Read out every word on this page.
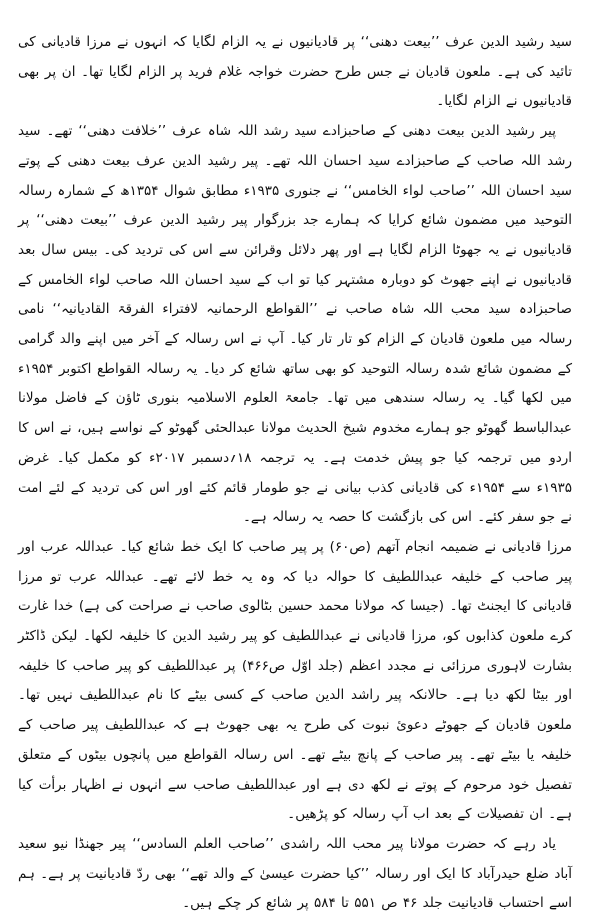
سید رشید الدین عرف ’’بیعت دھنی‘‘ پر قادیانیوں نے یہ الزام لگایا کہ انہوں نے مرزا قادیانی کی تائید کی ہے۔ ملعون قادیان نے جس طرح حضرت خواجہ غلام فرید پر الزام لگایا تھا۔ ان پر بھی قادیانیوں نے الزام لگایا۔

پیر رشید الدین بیعت دھنی کے صاحبزادے سید رشد اللہ شاہ عرف ’’خلافت دھنی‘‘ تھے۔ سید رشد اللہ صاحب کے صاحبزادے سید احسان اللہ تھے۔ پیر رشید الدین عرف بیعت دھنی کے پوتے سید احسان اللہ ’’صاحب لواء الخامس‘‘ نے جنوری ۱۹۳۵ء مطابق شوال ۱۳۵۴ھ کے شمارہ رسالہ التوحید میں مضمون شائع کرایا کہ ہمارے جد بزرگوار پیر رشید الدین عرف ’’بیعت دھنی‘‘ پر قادیانیوں نے یہ جھوٹا الزام لگایا ہے اور پھر دلائل وقرائن سے اس کی تردید کی۔ بیس سال بعد قادیانیوں نے اپنے جھوٹ کو دوبارہ مشتہر کیا تو اب کے سید احسان اللہ صاحب لواء الخامس کے صاحبزادہ سید محب اللہ شاہ صاحب نے ’’القواطع الرحمانیہ لافتراء الفرقۃ القادیانیہ‘‘ نامی رسالہ میں ملعون قادیان کے الزام کو تار تار کیا۔ آپ نے اس رسالہ کے آخر میں اپنے والد گرامی کے مضمون شائع شدہ رسالہ التوحید کو بھی ساتھ شائع کر دیا۔ یہ رسالہ القواطع اکتوبر ۱۹۵۴ء میں لکھا گیا۔ یہ رسالہ سندھی میں تھا۔ جامعۃ العلوم الاسلامیہ بنوری ٹاؤن کے فاضل مولانا عبدالباسط گھوٹو جو ہمارے مخدوم شیخ الحدیث مولانا عبدالحئی گھوٹو کے نواسے ہیں، نے اس کا اردو میں ترجمہ کیا جو پیش خدمت ہے۔ یہ ترجمہ ۱۸؍دسمبر ۲۰۱۷ء کو مکمل کیا۔ غرض ۱۹۳۵ء سے ۱۹۵۴ء کی قادیانی کذب بیانی نے جو طومار قائم کئے اور اس کی تردید کے لئے امت نے جو سفر کئے۔ اس کی بازگشت کا حصہ یہ رسالہ ہے۔

مرزا قادیانی نے ضمیمہ انجام آتھم (ص۶۰) پر پیر صاحب کا ایک خط شائع کیا۔ عبداللہ عرب اور پیر صاحب کے خلیفہ عبداللطیف کا حوالہ دیا کہ وہ یہ خط لائے تھے۔ عبداللہ عرب تو مرزا قادیانی کا ایجنٹ تھا۔ (جیسا کہ مولانا محمد حسین بٹالوی صاحب نے صراحت کی ہے) خدا غارت کرے ملعون کذابوں کو، مرزا قادیانی نے عبداللطیف کو پیر رشید الدین کا خلیفہ لکھا۔ لیکن ڈاکٹر بشارت لاہوری مرزائی نے مجدد اعظم (جلد اوّل ص۴۶۶) پر عبداللطیف کو پیر صاحب کا خلیفہ اور بیٹا لکھ دیا ہے۔ حالانکہ پیر راشد الدین صاحب کے کسی بیٹے کا نام عبداللطیف نہیں تھا۔ ملعون قادیان کے جھوٹے دعویٔ نبوت کی طرح یہ بھی جھوٹ ہے کہ عبداللطیف پیر صاحب کے خلیفہ یا بیٹے تھے۔ پیر صاحب کے پانچ بیٹے تھے۔ اس رسالہ القواطع میں پانچوں بیٹوں کے متعلق تفصیل خود مرحوم کے پوتے نے لکھ دی ہے اور عبداللطیف صاحب سے انہوں نے اظہار برأت کیا ہے۔ ان تفصیلات کے بعد اب آپ رسالہ کو پڑھیں۔

یاد رہے کہ حضرت مولانا پیر محب اللہ راشدی ’’صاحب العلم السادس‘‘ پیر جھنڈا نیو سعید آباد ضلع حیدرآباد کا ایک اور رسالہ ’’کیا حضرت عیسیٰ کے والد تھے‘‘ بھی ردّ قادیانیت پر ہے۔ ہم اسے احتساب قادیانیت جلد ۴۶ ص ۵۵۱ تا ۵۸۴ پر شائع کر چکے ہیں۔
